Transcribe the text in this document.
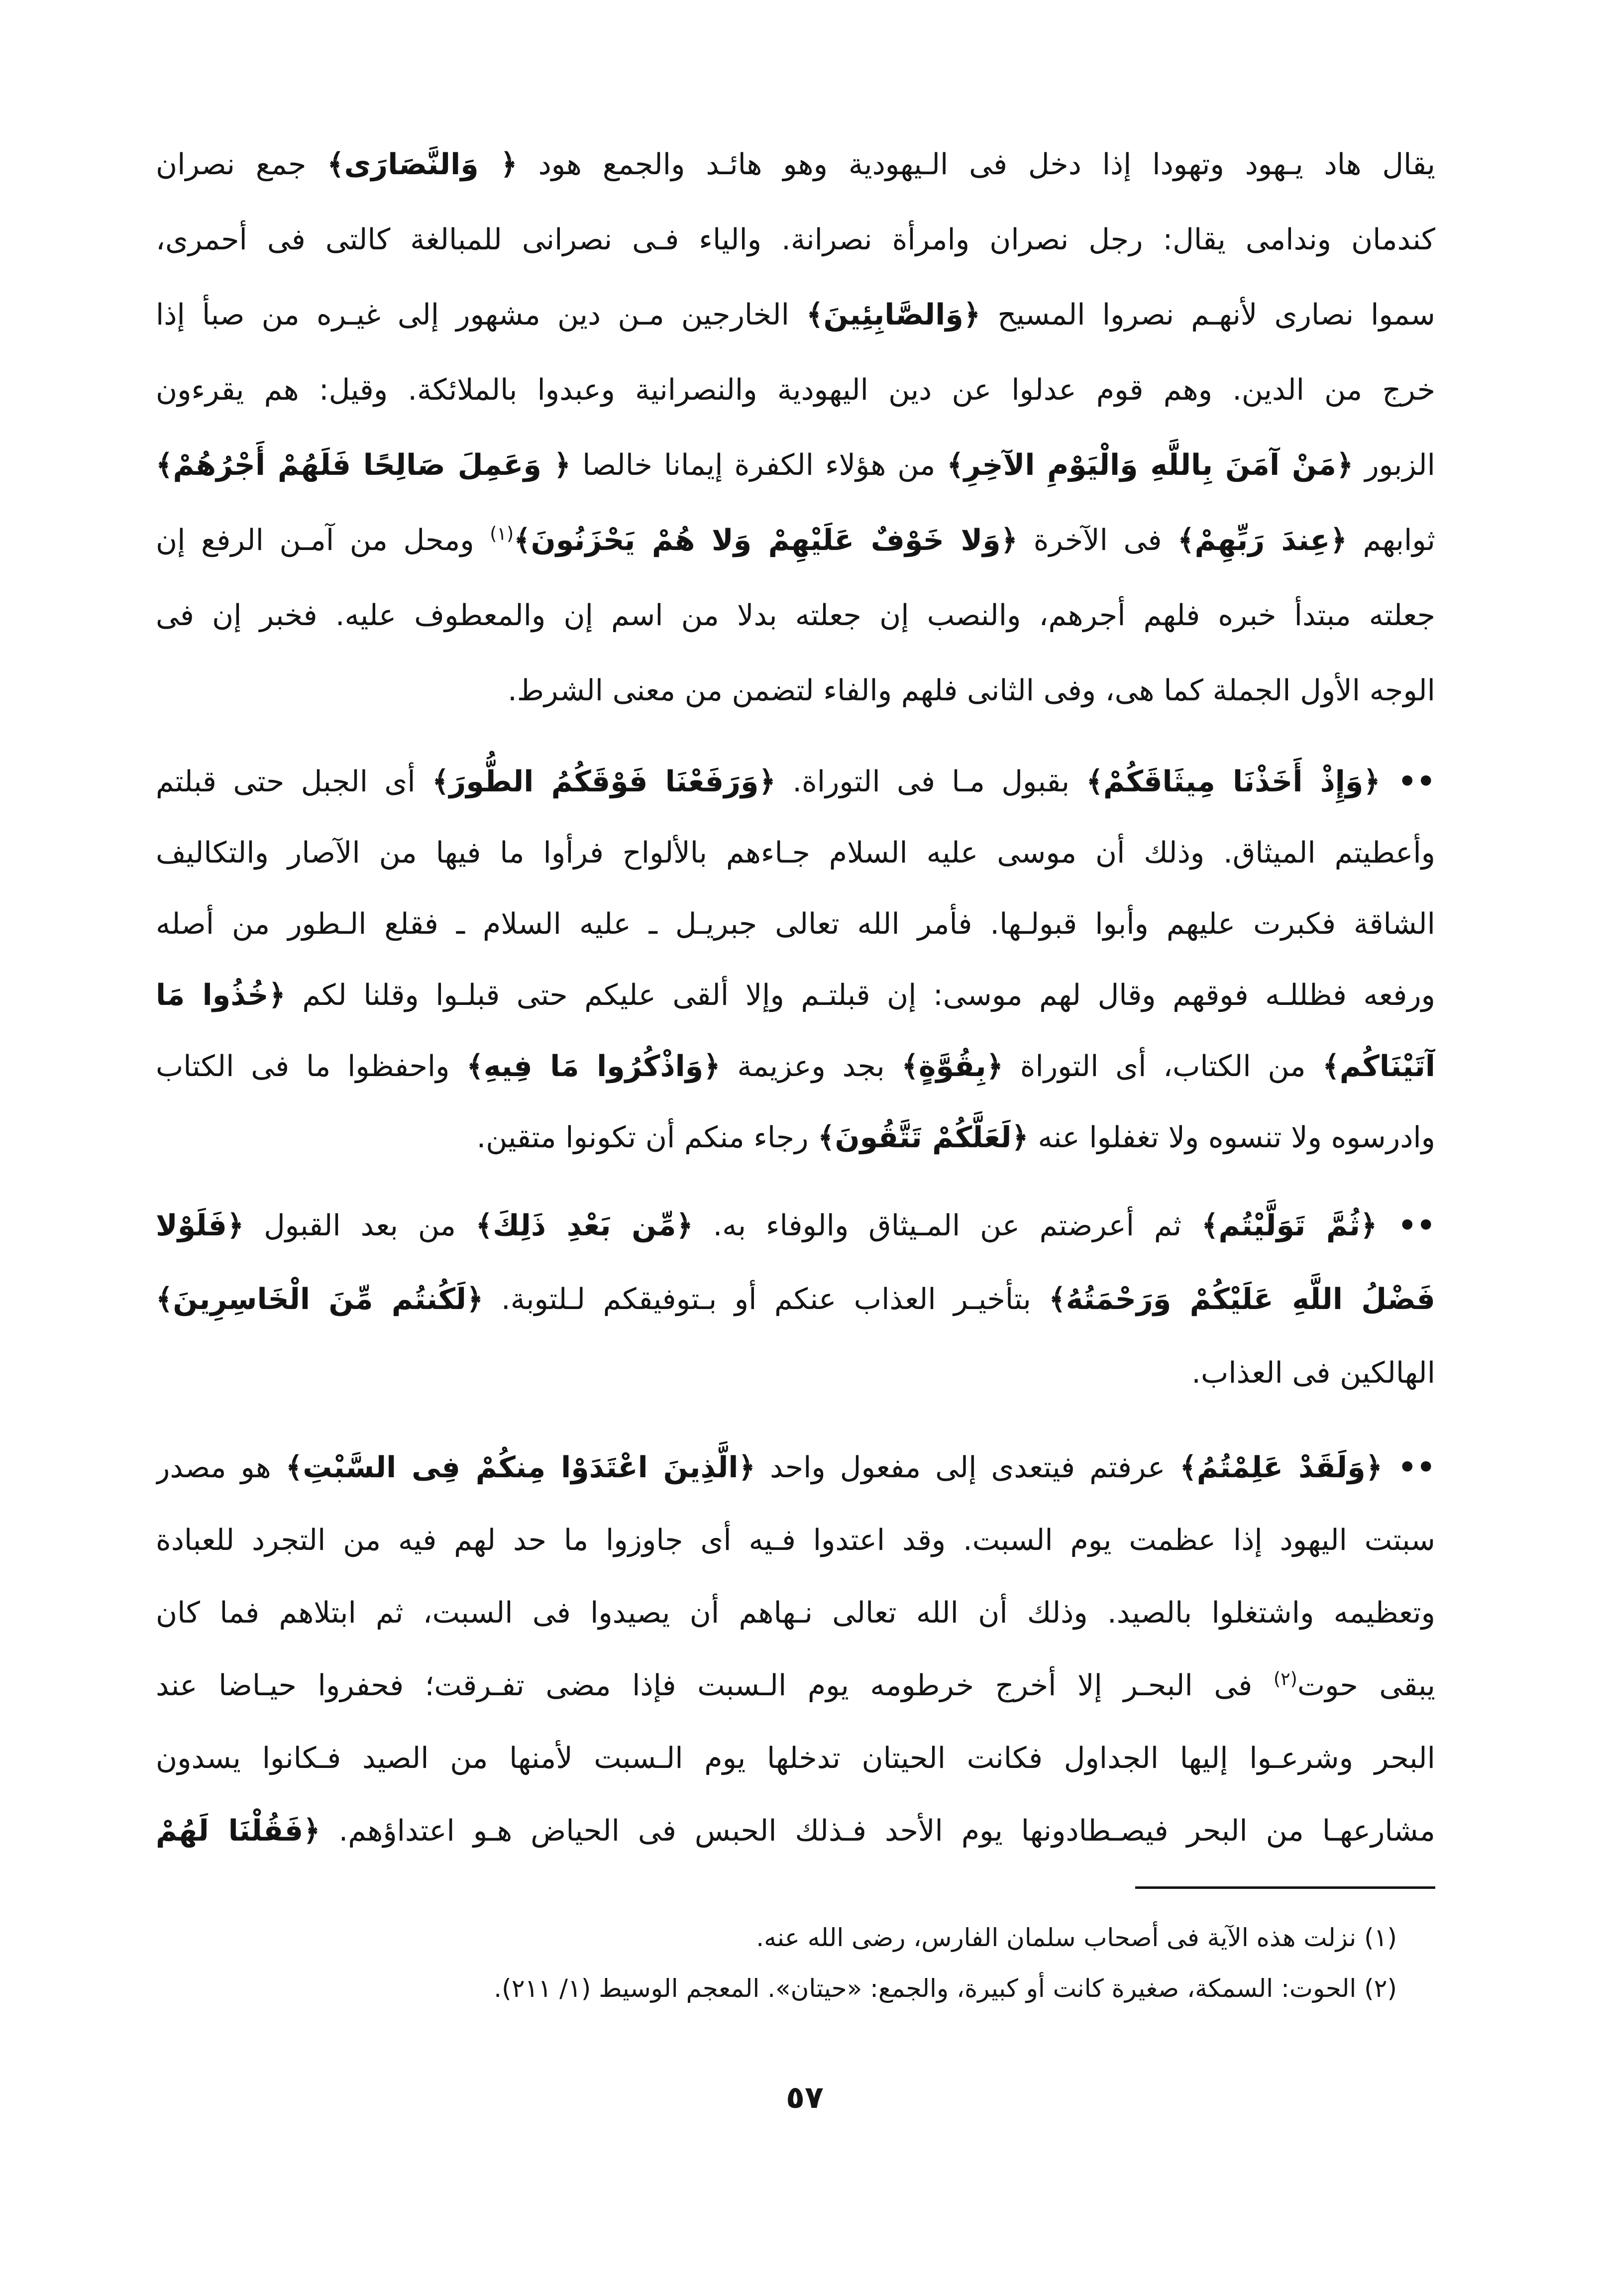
يقال هاد يـهود وتهودا إذا دخل فى الـيهودية وهو هائـد والجمع هود ﴿ وَالنَّصَارَى﴾ جمع نصران
كندمان وندامى يقال: رجل نصران وامرأة نصرانة. والياء فـى نصرانى للمبالغة كالتى فى أحمرى،
سموا نصارى لأنهـم نصروا المسيح ﴿وَالصَّابِئِينَ﴾ الخارجين مـن دين مشهور إلى غيـره من صبأ إذا
خرج من الدين. وهم قوم عدلوا عن دين اليهودية والنصرانية وعبدوا بالملائكة. وقيل: هم يقرءون
الزبور ﴿مَنْ آمَنَ بِاللَّهِ وَالْيَوْمِ الآخِرِ﴾ من هؤلاء الكفرة إيمانا خالصا ﴿ وَعَمِلَ صَالِحًا فَلَهُمْ أَجْرُهُمْ﴾
ثوابهم ﴿عِندَ رَبِّهِمْ﴾ فى الآخرة ﴿وَلا خَوْفٌ عَلَيْهِمْ وَلا هُمْ يَحْزَنُونَ﴾$^{(١)}$ ومحل من آمـن الرفع إن
جعلته مبتدأ خبره فلهم أجرهم، والنصب إن جعلته بدلا من اسم إن والمعطوف عليه. فخبر إن فى
الوجه الأول الجملة كما هى، وفى الثانى فلهم والفاء لتضمن من معنى الشرط.
•• ﴿وَإِذْ أَخَذْنَا مِيثَاقَكُمْ﴾ بقبول مـا فى التوراة. ﴿وَرَفَعْنَا فَوْقَكُمُ الطُّورَ﴾ أى الجبل حتى قبلتم
وأعطيتم الميثاق. وذلك أن موسى عليه السلام جـاءهم بالألواح فرأوا ما فيها من الآصار والتكاليف
الشاقة فكبرت عليهم وأبوا قبولـها. فأمر الله تعالى جبريـل ـ عليه السلام ـ فقلع الـطور من أصله
ورفعه فظللـه فوقهم وقال لهم موسى: إن قبلتـم وإلا ألقى عليكم حتى قبلـوا وقلنا لكم ﴿خُذُوا مَا
آتَيْنَاكُم﴾ من الكتاب، أى التوراة ﴿بِقُوَّةٍ﴾ بجد وعزيمة ﴿وَاذْكُرُوا مَا فِيهِ﴾ واحفظوا ما فى الكتاب
وادرسوه ولا تنسوه ولا تغفلوا عنه ﴿لَعَلَّكُمْ تَتَّقُونَ﴾ رجاء منكم أن تكونوا متقين.
•• ﴿ثُمَّ تَوَلَّيْتُم﴾ ثم أعرضتم عن المـيثاق والوفاء به. ﴿مِّن بَعْدِ ذَلِكَ﴾ من بعد القبول ﴿فَلَوْلا
فَضْلُ اللَّهِ عَلَيْكُمْ وَرَحْمَتُهُ﴾ بتأخيـر العذاب عنكم أو بـتوفيقكم لـلتوبة. ﴿لَكُنتُم مِّنَ الْخَاسِرِينَ﴾
الهالكين فى العذاب.
•• ﴿وَلَقَدْ عَلِمْتُمُ﴾ عرفتم فيتعدى إلى مفعول واحد ﴿الَّذِينَ اعْتَدَوْا مِنكُمْ فِى السَّبْتِ﴾ هو مصدر
سبتت اليهود إذا عظمت يوم السبت. وقد اعتدوا فـيه أى جاوزوا ما حد لهم فيه من التجرد للعبادة
وتعظيمه واشتغلوا بالصيد. وذلك أن الله تعالى نـهاهم أن يصيدوا فى السبت، ثم ابتلاهم فما كان
يبقى حوت$^{(٢)}$ فى البحـر إلا أخرج خرطومه يوم الـسبت فإذا مضى تفـرقت؛ فحفروا حيـاضا عند
البحر وشرعـوا إليها الجداول فكانت الحيتان تدخلها يوم الـسبت لأمنها من الصيد فـكانوا يسدون
مشارعهـا من البحر فيصـطادونها يوم الأحد فـذلك الحبس فى الحياض هـو اعتداؤهم. ﴿فَقُلْنَا لَهُمْ
(١) نزلت هذه الآية فى أصحاب سلمان الفارس، رضى الله عنه.
(٢) الحوت: السمكة، صغيرة كانت أو كبيرة، والجمع: «حيتان». المعجم الوسيط (١/ ٢١١).
٥٧
